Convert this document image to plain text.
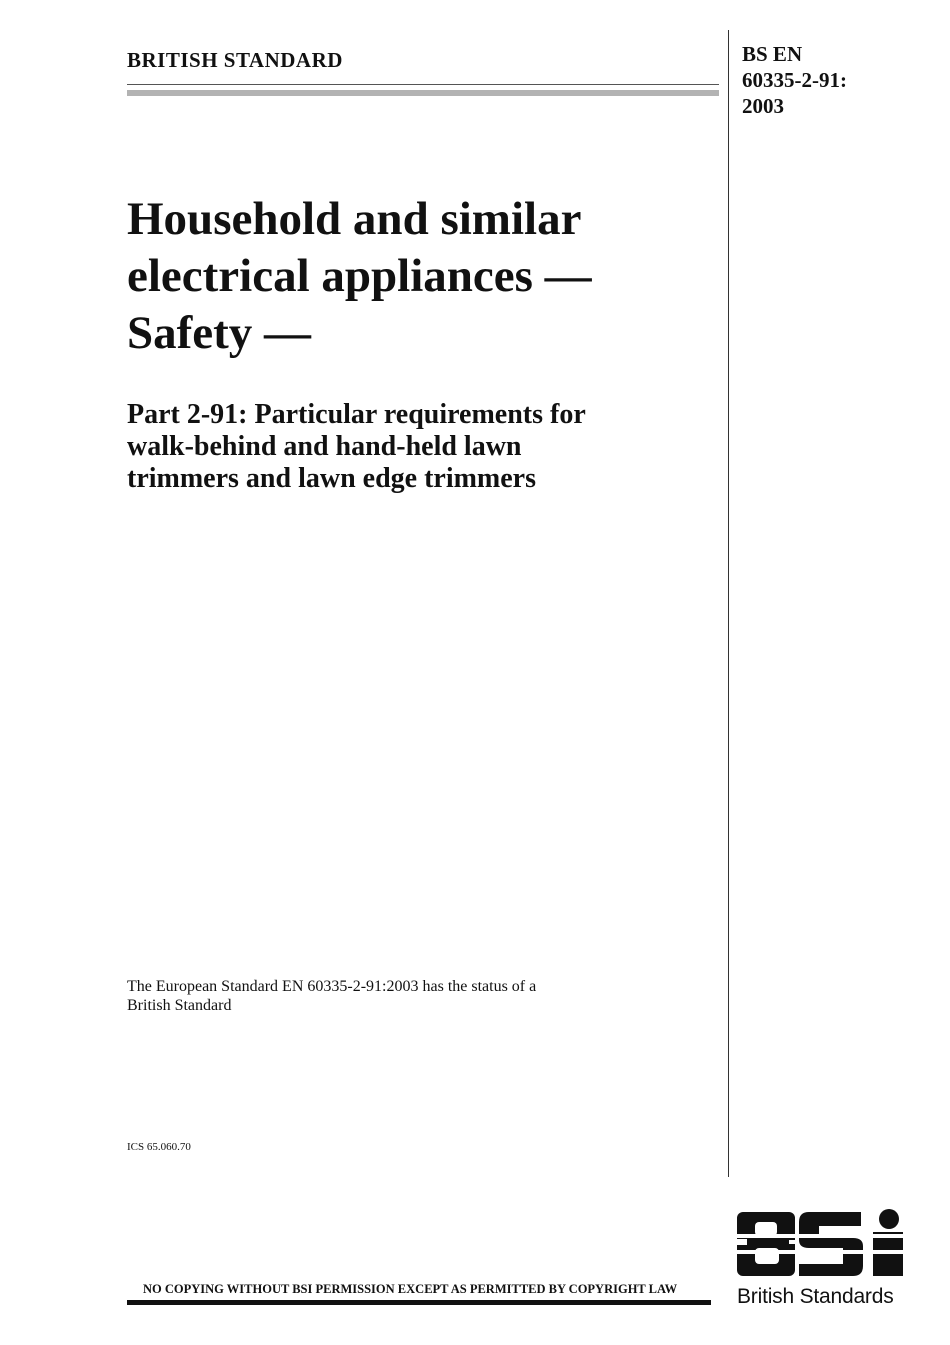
BRITISH STANDARD	BS EN
60335-2-91:
2003
Household and similar
electrical appliances —
Safety —
Part 2-91: Particular requirements for
walk-behind and hand-held lawn
trimmers and lawn edge trimmers
The European Standard EN 60335-2-91:2003 has the status of a
British Standard
ICS 65.060.70
NO COPYING WITHOUT BSI PERMISSION EXCEPT AS PERMITTED BY COPYRIGHT LAW	British Standards
